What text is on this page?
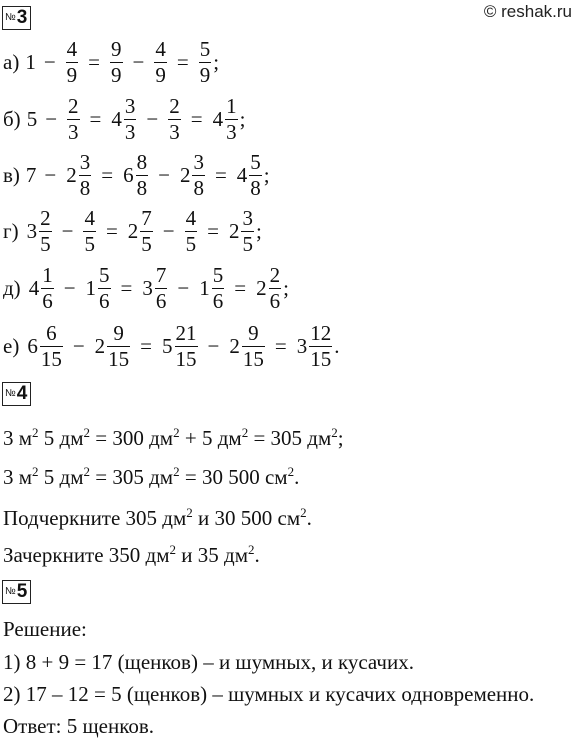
© reshak.ru
№3
а) $1 - \frac{4}{9} = \frac{9}{9} - \frac{4}{9} = \frac{5}{9}$ ;
б) $5 - \frac{2}{3} = 4 \frac{3}{3} - \frac{2}{3} = 4 \frac{1}{3}$ ;
в) $7 - 2 \frac{3}{8} = 6 \frac{8}{8} - 2 \frac{3}{8} = 4 \frac{5}{8}$ ;
г) $3 \frac{2}{5} - \frac{4}{5} = 2 \frac{7}{5} - \frac{4}{5} = 2 \frac{3}{5}$ ;
д) $4 \frac{1}{6} - 1 \frac{5}{6} = 3 \frac{7}{6} - 1 \frac{5}{6} = 2 \frac{2}{6}$ ;
е) $6 \frac{6}{15} - 2 \frac{9}{15} = 5 \frac{21}{15} - 2 \frac{9}{15} = 3 \frac{12}{15}$ .
№4
3 $м^2$ 5 $дм^2 = 300$ $дм^2 + 5$ $дм^2 = 305$ $дм^2$;
3 $м^2$ 5 $дм^2 = 305$ $дм^2 = 30$ 500 $см^2$.
Подчеркните 305 $дм^2$ и 30 500 $см^2$.
Зачеркните 350 $дм^2$ и 35 $дм^2$.
№5
Решение:
1) 8 + 9 = 17 (щенков) – и шумных, и кусачих.
2) 17 – 12 = 5 (щенков) – шумных и кусачих одновременно.
Ответ: 5 щенков.
